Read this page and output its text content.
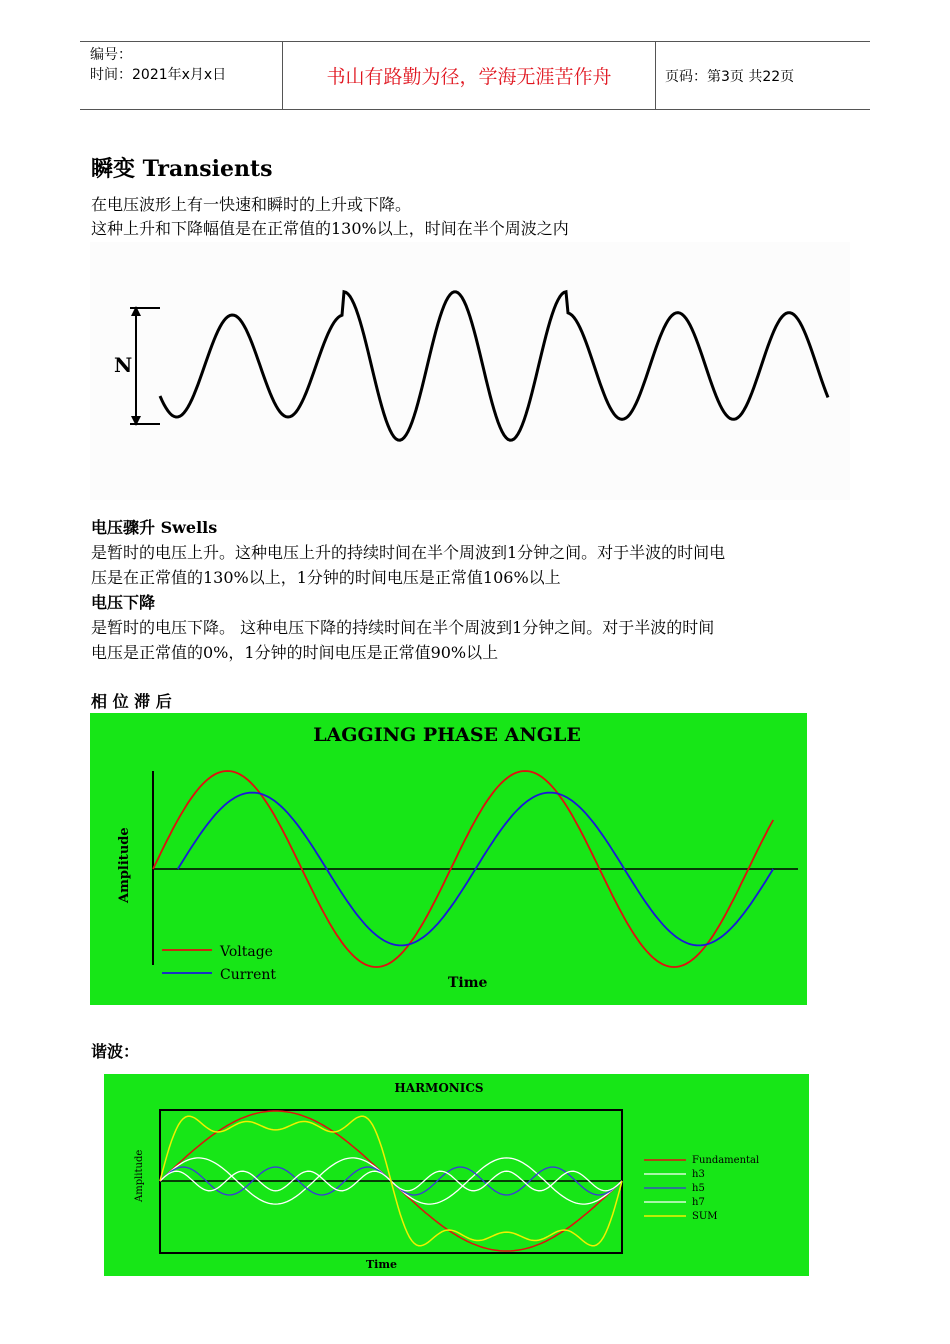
编号：
时间：2021年x月x日	书山有路勤为径，学海无涯苦作舟	页码：第3页 共22页
瞬变 Transients
在电压波形上有一快速和瞬时的上升或下降。
这种上升和下降幅值是在正常值的130%以上，时间在半个周波之内
N
电压骤升 Swells
是暂时的电压上升。这种电压上升的持续时间在半个周波到1分钟之间。对于半波的时间电
压是在正常值的130%以上，1分钟的时间电压是正常值106%以上
电压下降
是暂时的电压下降。 这种电压下降的持续时间在半个周波到1分钟之间。对于半波的时间
电压是正常值的0%，1分钟的时间电压是正常值90%以上
相 位 滞 后
LAGGING PHASE ANGLE
Amplitude
Time
Voltage
Current
谐波：
HARMONICS
Amplitude
Time
Fundamental
h3
h5
h7
SUM
